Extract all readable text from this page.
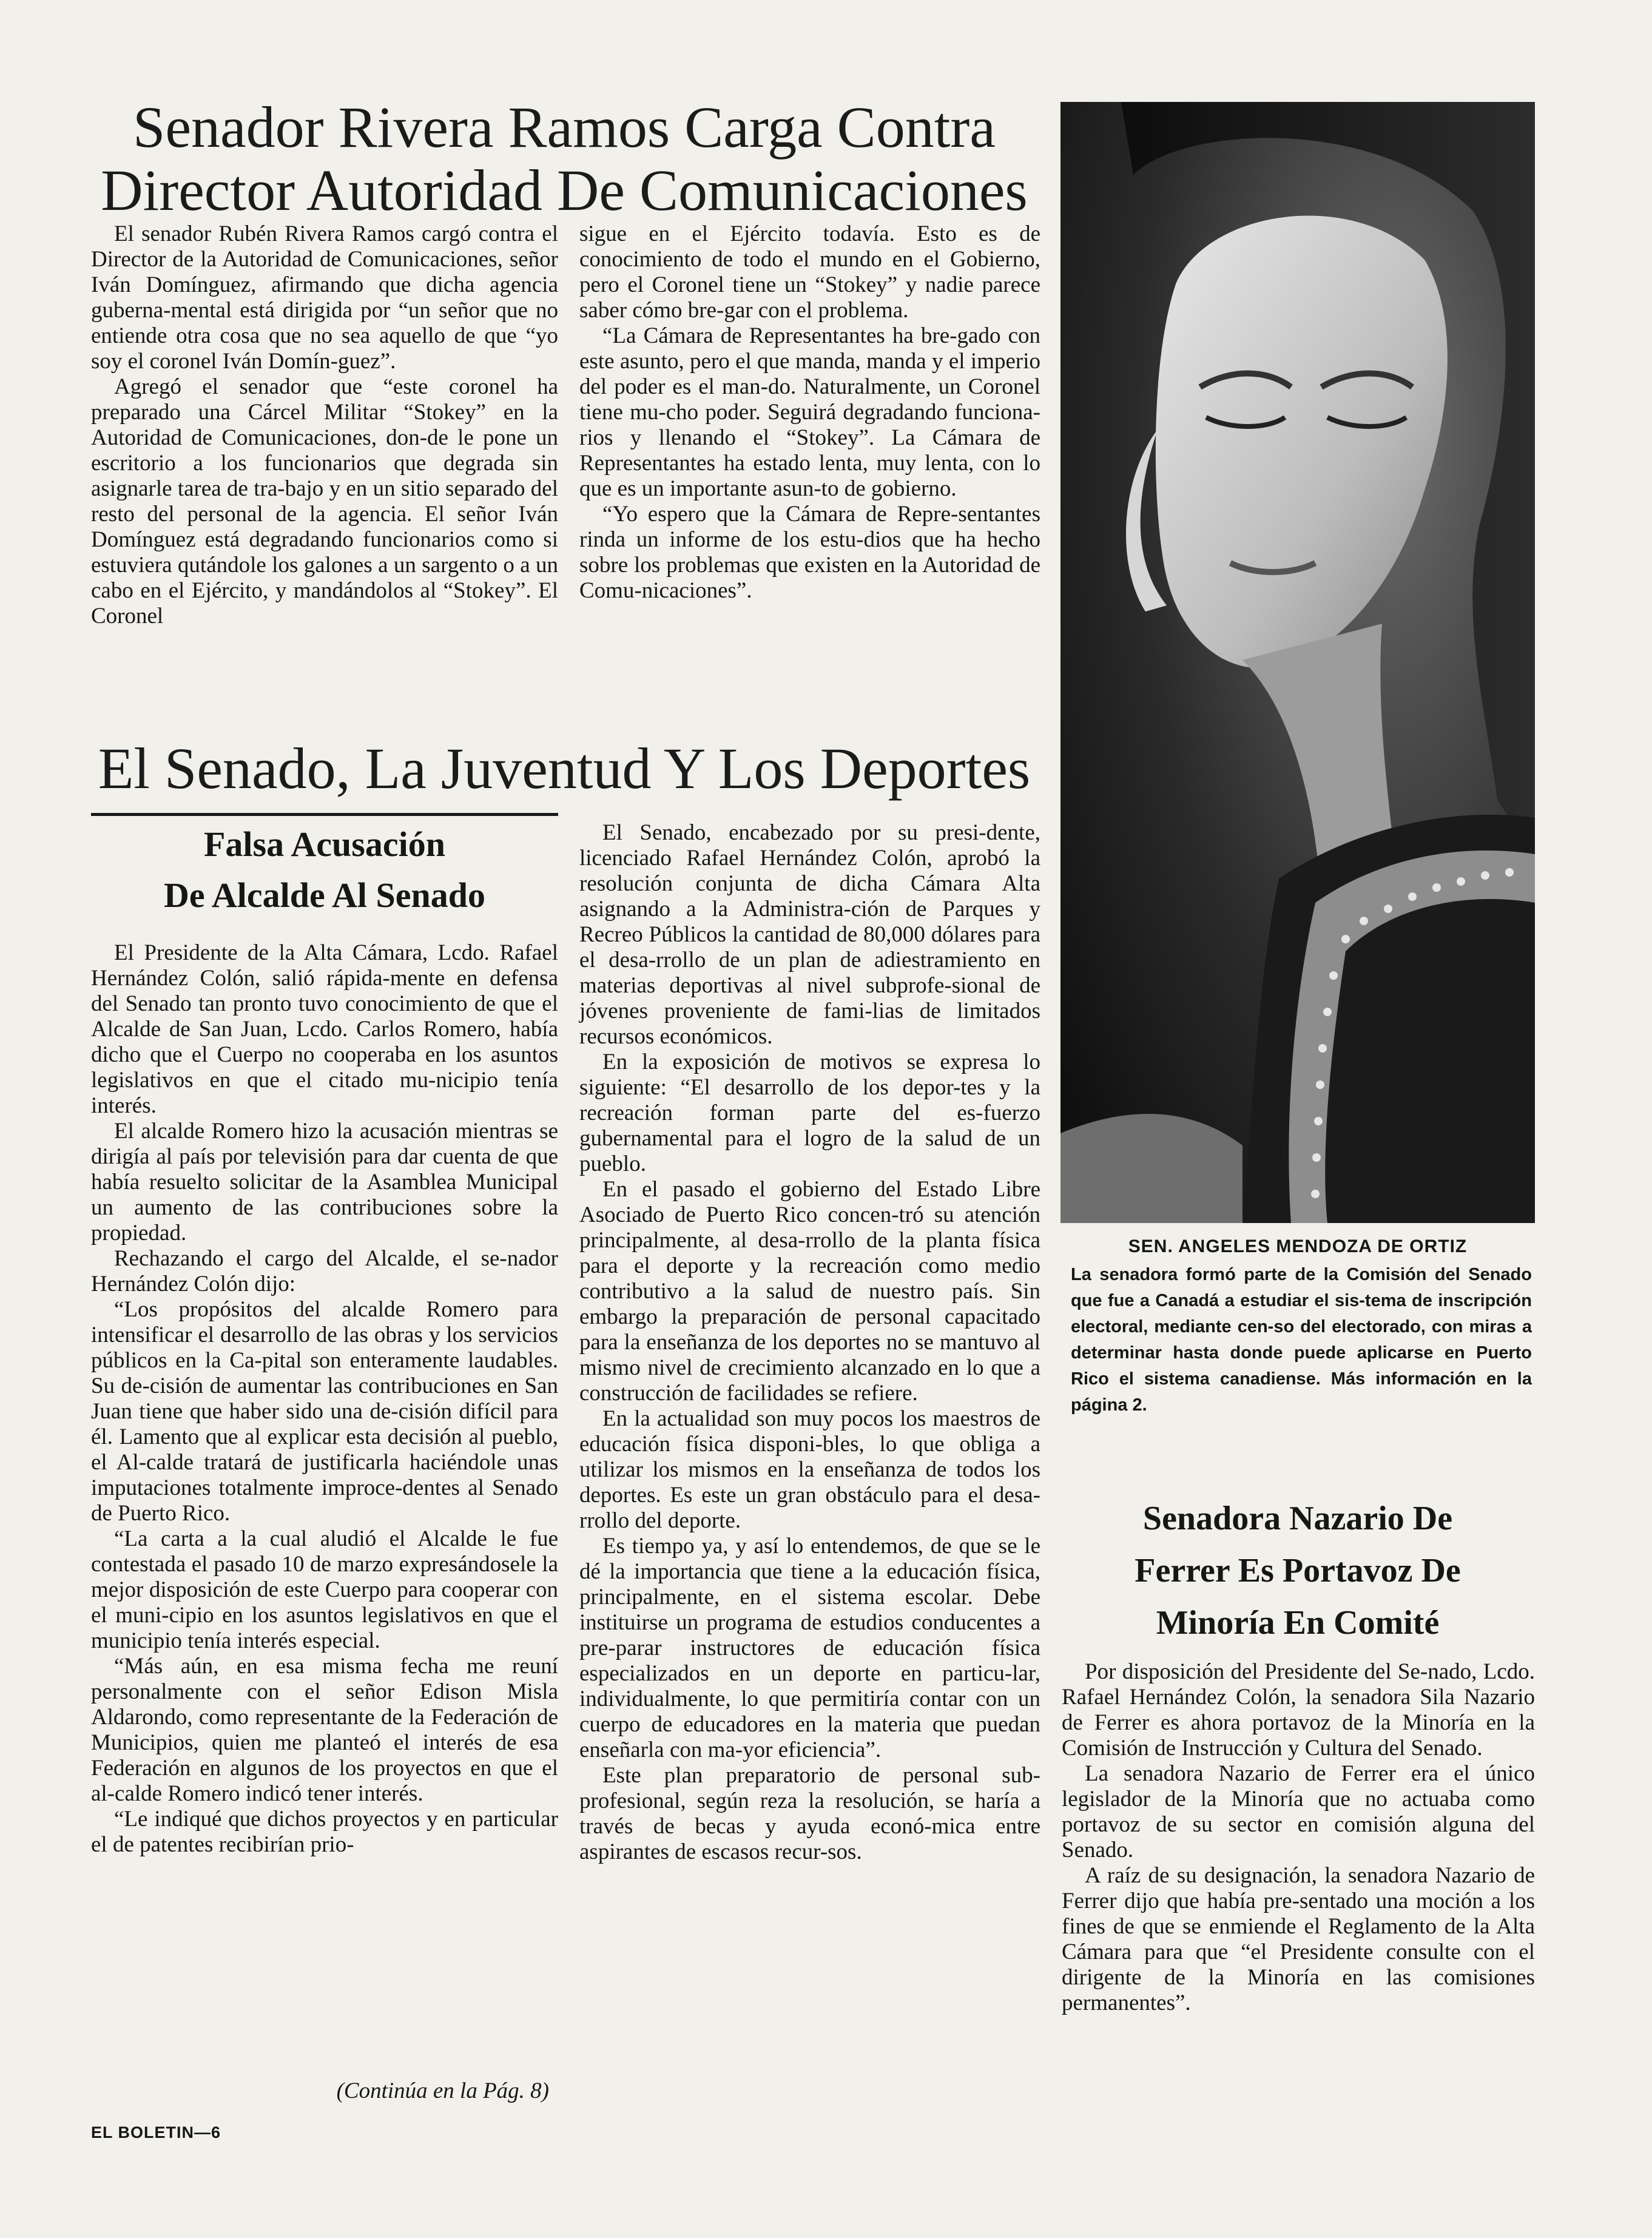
Senador Rivera Ramos Carga Contra
Director Autoridad De Comunicaciones

El senador Rubén Rivera Ramos cargó contra el Director de la Autoridad de Comunicaciones, señor Iván Domínguez, afirmando que dicha agencia guberna-mental está dirigida por “un señor que no entiende otra cosa que no sea aquello de que “yo soy el coronel Iván Domín-guez”.

Agregó el senador que “este coronel ha preparado una Cárcel Militar “Stokey” en la Autoridad de Comunicaciones, don-de le pone un escritorio a los funcionarios que degrada sin asignarle tarea de tra-bajo y en un sitio separado del resto del personal de la agencia. El señor Iván Domínguez está degradando funcionarios como si estuviera qutándole los galones a un sargento o a un cabo en el Ejército, y mandándolos al “Stokey”. El Coronel

sigue en el Ejército todavía. Esto es de conocimiento de todo el mundo en el Gobierno, pero el Coronel tiene un “Stokey” y nadie parece saber cómo bre-gar con el problema.

“La Cámara de Representantes ha bre-gado con este asunto, pero el que manda, manda y el imperio del poder es el man-do. Naturalmente, un Coronel tiene mu-cho poder. Seguirá degradando funciona-rios y llenando el “Stokey”. La Cámara de Representantes ha estado lenta, muy lenta, con lo que es un importante asun-to de gobierno.

“Yo espero que la Cámara de Repre-sentantes rinda un informe de los estu-dios que ha hecho sobre los problemas que existen en la Autoridad de Comu-nicaciones”.

El Senado, La Juventud Y Los Deportes
Falsa Acusación
De Alcalde Al Senado

El Presidente de la Alta Cámara, Lcdo. Rafael Hernández Colón, salió rápida-mente en defensa del Senado tan pronto tuvo conocimiento de que el Alcalde de San Juan, Lcdo. Carlos Romero, había dicho que el Cuerpo no cooperaba en los asuntos legislativos en que el citado mu-nicipio tenía interés.

El alcalde Romero hizo la acusación mientras se dirigía al país por televisión para dar cuenta de que había resuelto solicitar de la Asamblea Municipal un aumento de las contribuciones sobre la propiedad.

Rechazando el cargo del Alcalde, el se-nador Hernández Colón dijo:

“Los propósitos del alcalde Romero para intensificar el desarrollo de las obras y los servicios públicos en la Ca-pital son enteramente laudables. Su de-cisión de aumentar las contribuciones en San Juan tiene que haber sido una de-cisión difícil para él. Lamento que al explicar esta decisión al pueblo, el Al-calde tratará de justificarla haciéndole unas imputaciones totalmente improce-dentes al Senado de Puerto Rico.

“La carta a la cual aludió el Alcalde le fue contestada el pasado 10 de marzo expresándosele la mejor disposición de este Cuerpo para cooperar con el muni-cipio en los asuntos legislativos en que el municipio tenía interés especial.

“Más aún, en esa misma fecha me reuní personalmente con el señor Edison Misla Aldarondo, como representante de la Federación de Municipios, quien me planteó el interés de esa Federación en algunos de los proyectos en que el al-calde Romero indicó tener interés.

“Le indiqué que dichos proyectos y en particular el de patentes recibirían prio-

(Continúa en la Pág. 8)

El Senado, encabezado por su presi-dente, licenciado Rafael Hernández Colón, aprobó la resolución conjunta de dicha Cámara Alta asignando a la Administra-ción de Parques y Recreo Públicos la cantidad de 80,000 dólares para el desa-rrollo de un plan de adiestramiento en materias deportivas al nivel subprofe-sional de jóvenes proveniente de fami-lias de limitados recursos económicos.

En la exposición de motivos se expresa lo siguiente: “El desarrollo de los depor-tes y la recreación forman parte del es-fuerzo gubernamental para el logro de la salud de un pueblo.

En el pasado el gobierno del Estado Libre Asociado de Puerto Rico concen-tró su atención principalmente, al desa-rrollo de la planta física para el deporte y la recreación como medio contributivo a la salud de nuestro país. Sin embargo la preparación de personal capacitado para la enseñanza de los deportes no se mantuvo al mismo nivel de crecimiento alcanzado en lo que a construcción de facilidades se refiere.

En la actualidad son muy pocos los maestros de educación física disponi-bles, lo que obliga a utilizar los mismos en la enseñanza de todos los deportes. Es este un gran obstáculo para el desa-rrollo del deporte.

Es tiempo ya, y así lo entendemos, de que se le dé la importancia que tiene a la educación física, principalmente, en el sistema escolar. Debe instituirse un programa de estudios conducentes a pre-parar instructores de educación física especializados en un deporte en particu-lar, individualmente, lo que permitiría contar con un cuerpo de educadores en la materia que puedan enseñarla con ma-yor eficiencia”.

Este plan preparatorio de personal sub-profesional, según reza la resolución, se haría a través de becas y ayuda econó-mica entre aspirantes de escasos recur-sos.

SEN. ANGELES MENDOZA DE ORTIZ
La senadora formó parte de la Comisión del Senado que fue a Canadá a estudiar el sis-tema de inscripción electoral, mediante cen-so del electorado, con miras a determinar hasta donde puede aplicarse en Puerto Rico el sistema canadiense. Más información en la página 2.
Senadora Nazario De
Ferrer Es Portavoz De
Minoría En Comité

Por disposición del Presidente del Se-nado, Lcdo. Rafael Hernández Colón, la senadora Sila Nazario de Ferrer es ahora portavoz de la Minoría en la Comisión de Instrucción y Cultura del Senado.

La senadora Nazario de Ferrer era el único legislador de la Minoría que no actuaba como portavoz de su sector en comisión alguna del Senado.

A raíz de su designación, la senadora Nazario de Ferrer dijo que había pre-sentado una moción a los fines de que se enmiende el Reglamento de la Alta Cámara para que “el Presidente consulte con el dirigente de la Minoría en las comisiones permanentes”.

EL BOLETIN—6
